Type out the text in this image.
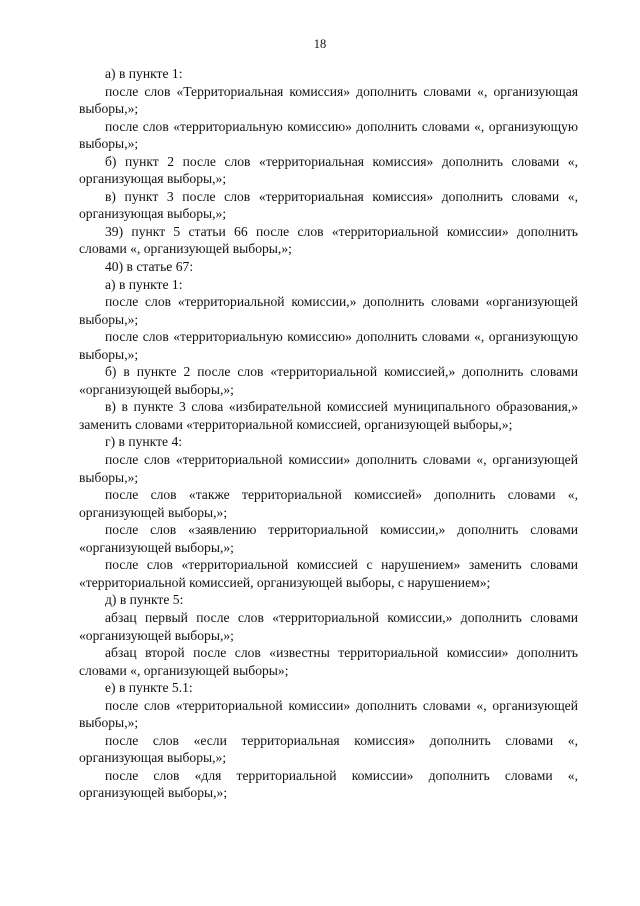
18

а) в пункте 1:

после слов «Территориальная комиссия» дополнить словами «, организующая выборы,»;

после слов «территориальную комиссию» дополнить словами «, организующую выборы,»;

б) пункт 2 после слов «территориальная комиссия» дополнить словами «, организующая выборы,»;

в) пункт 3 после слов «территориальная комиссия» дополнить словами «, организующая выборы,»;

39) пункт 5 статьи 66 после слов «территориальной комиссии» дополнить словами «, организующей выборы,»;

40) в статье 67:

а) в пункте 1:

после слов «территориальной комиссии,» дополнить словами «организующей выборы,»;

после слов «территориальную комиссию» дополнить словами «, организующую выборы,»;

б) в пункте 2 после слов «территориальной комиссией,» дополнить словами «организующей выборы,»;

в) в пункте 3 слова «избирательной комиссией муниципального образования,» заменить словами «территориальной комиссией, организующей выборы,»;

г) в пункте 4:

после слов «территориальной комиссии» дополнить словами «, организующей выборы,»;

после слов «также территориальной комиссией» дополнить словами «, организующей выборы,»;

после слов «заявлению территориальной комиссии,» дополнить словами «организующей выборы,»;

после слов «территориальной комиссией с нарушением» заменить словами «территориальной комиссией, организующей выборы, с нарушением»;

д) в пункте 5:

абзац первый после слов «территориальной комиссии,» дополнить словами «организующей выборы,»;

абзац второй после слов «известны территориальной комиссии» дополнить словами «, организующей выборы»;

е) в пункте 5.1:

после слов «территориальной комиссии» дополнить словами «, организующей выборы,»;

после слов «если территориальная комиссия» дополнить словами «, организующая выборы,»;

после слов «для территориальной комиссии» дополнить словами «, организующей выборы,»;
